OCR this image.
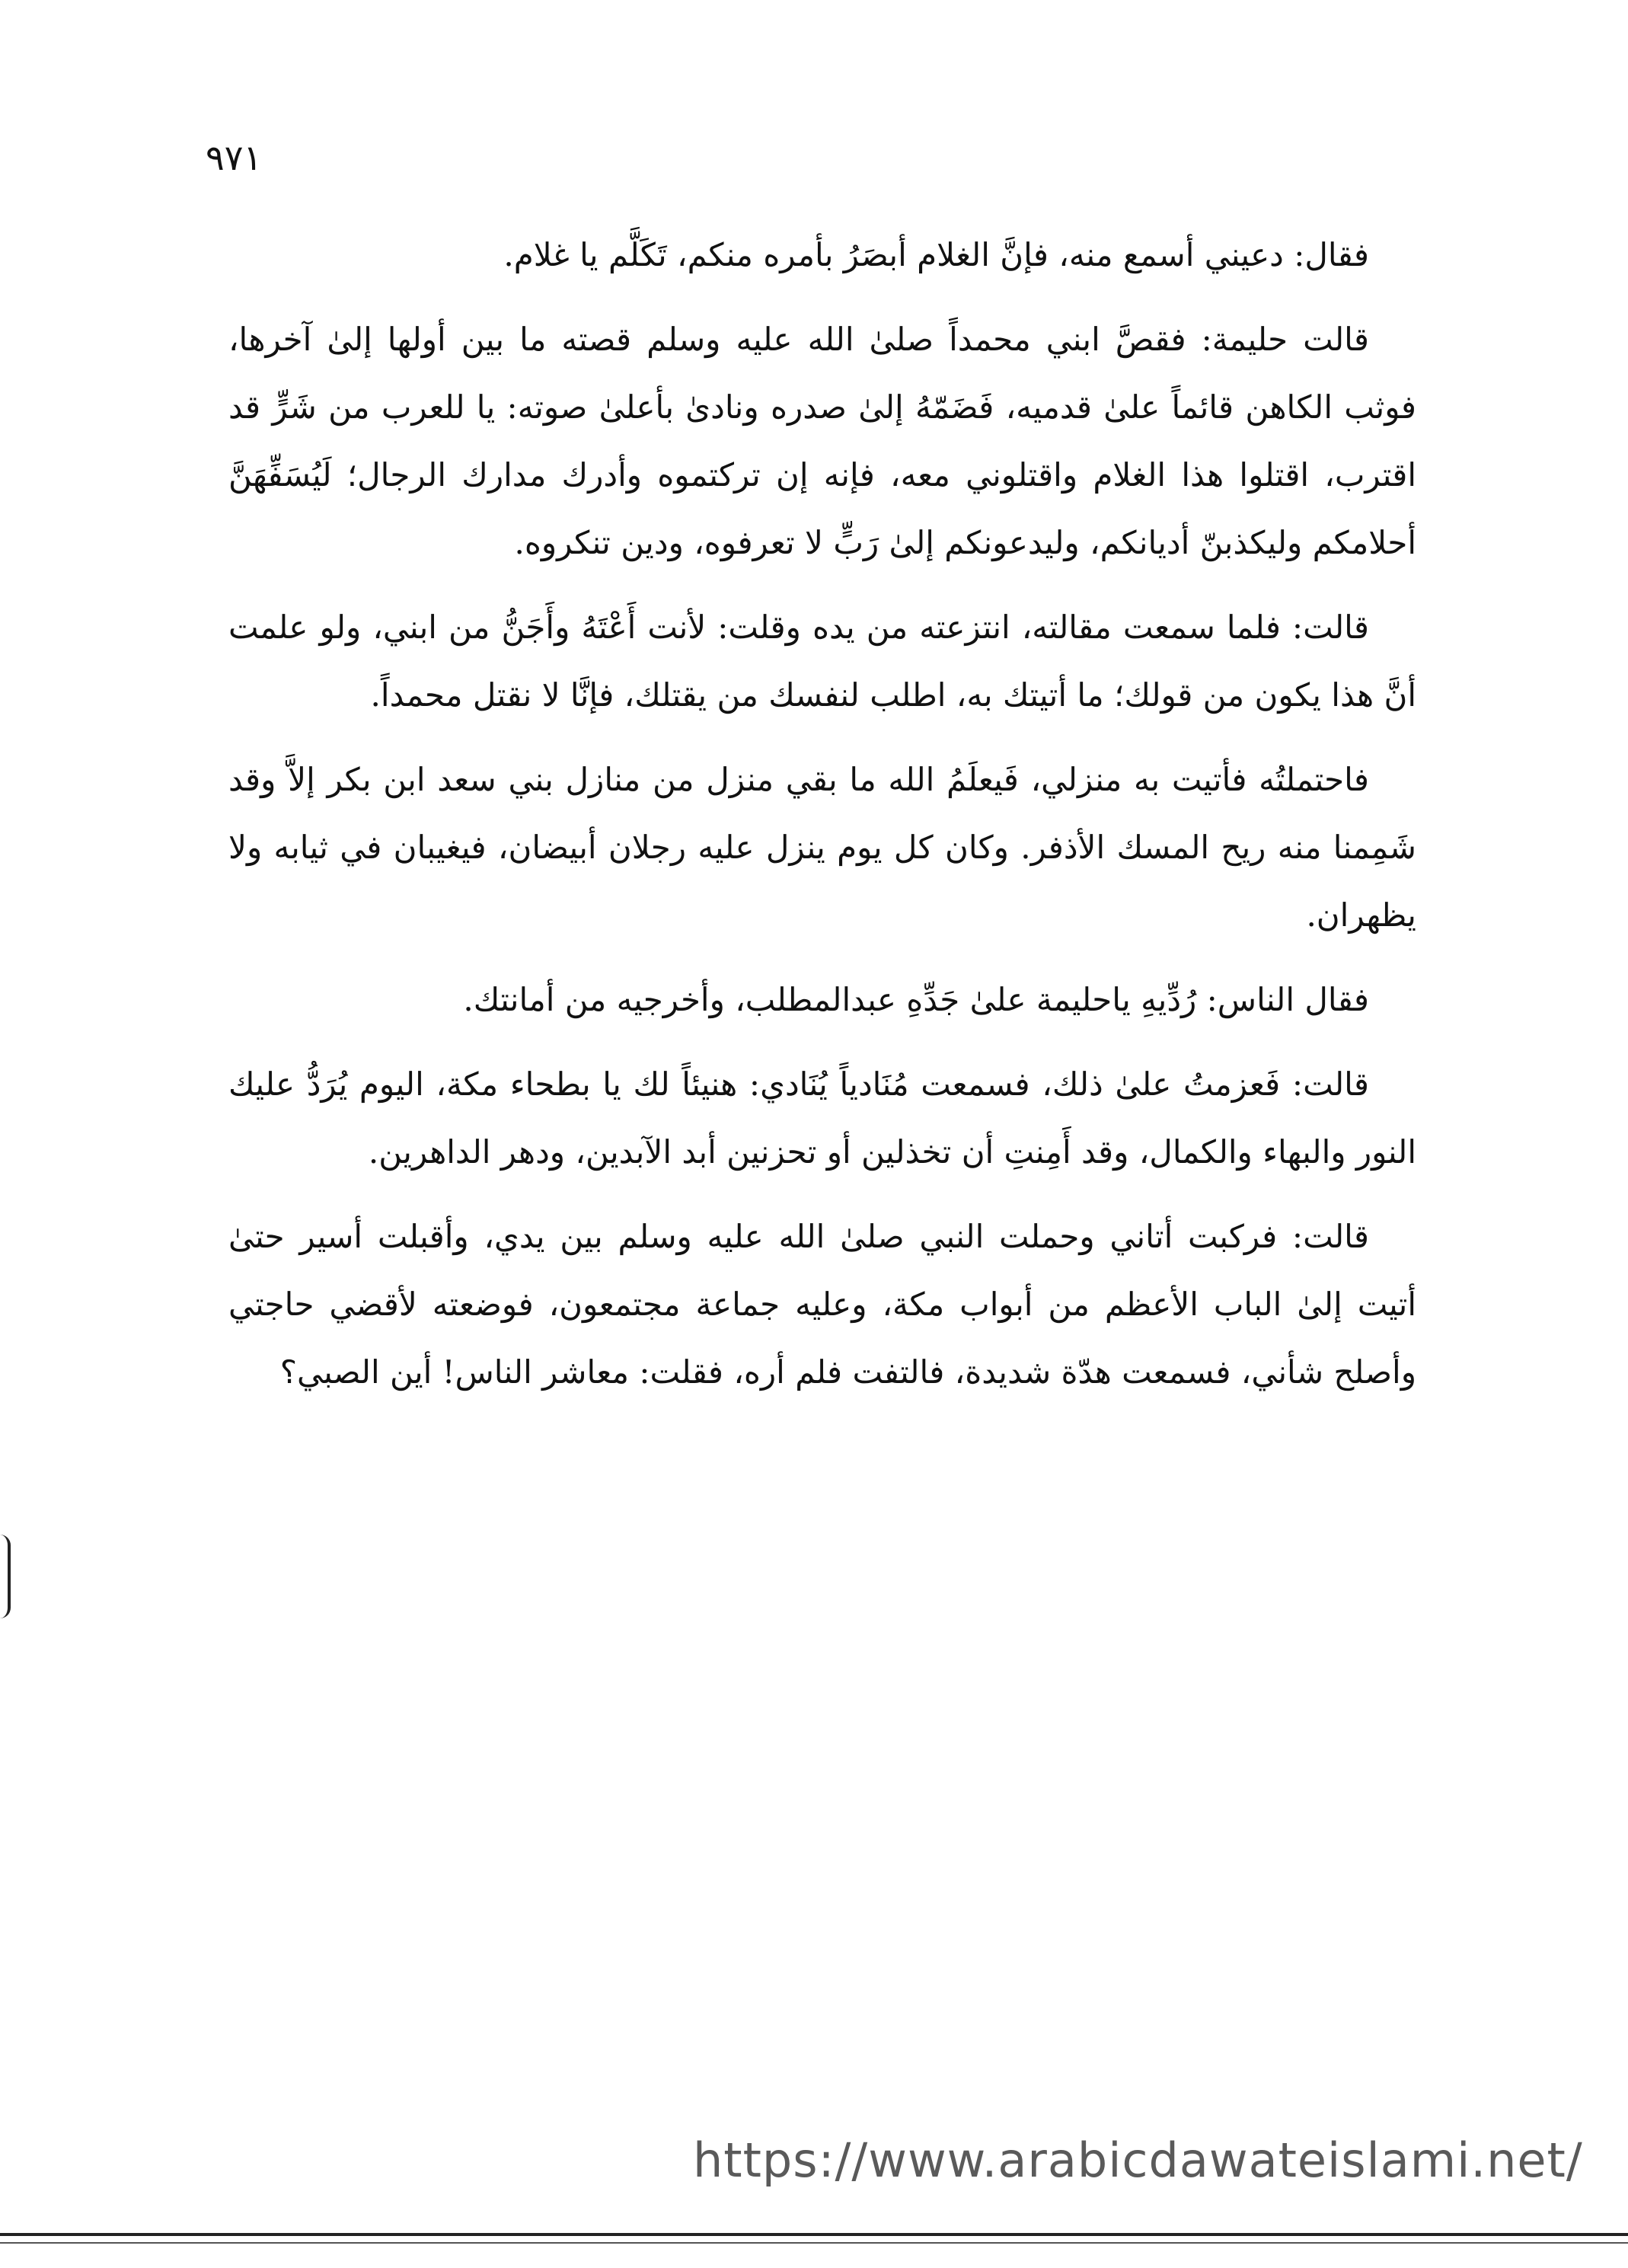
٩٧١

فقال: دعيني أسمع منه، فإنَّ الغلام أبصَرُ بأمره منكم، تَكَلَّم يا غلام.

قالت حليمة: فقصَّ ابني محمداً صلىٰ الله عليه وسلم قصته ما بين أولها إلىٰ آخرها، فوثب الكاهن قائماً علىٰ قدميه، فَضَمّهُ إلىٰ صدره ونادىٰ بأعلىٰ صوته: يا للعرب من شَرٍّ قد اقترب، اقتلوا هذا الغلام واقتلوني معه، فإنه إن تركتموه وأدرك مدارك الرجال؛ لَيُسَفِّهَنَّ أحلامكم وليكذبنّ أديانكم، وليدعونكم إلىٰ رَبٍّ لا تعرفوه، ودين تنكروه.

قالت: فلما سمعت مقالته، انتزعته من يده وقلت: لأنت أَعْتَهُ وأَجَنُّ من ابني، ولو علمت أنَّ هذا يكون من قولك؛ ما أتيتك به، اطلب لنفسك من يقتلك، فإنَّا لا نقتل محمداً.

فاحتملتُه فأتيت به منزلي، فَيعلَمُ الله ما بقي منزل من منازل بني سعد ابن بكر إلاَّ وقد شَمِمنا منه ريح المسك الأذفر. وكان كل يوم ينزل عليه رجلان أبيضان، فيغيبان في ثيابه ولا يظهران.

فقال الناس: رُدِّيهِ ياحليمة علىٰ جَدِّهِ عبدالمطلب، وأخرجيه من أمانتك.

قالت: فَعزمتُ علىٰ ذلك، فسمعت مُنَادياً يُنَادي: هنيئاً لك يا بطحاء مكة، اليوم يُرَدُّ عليك النور والبهاء والكمال، وقد أَمِنتِ أن تخذلين أو تحزنين أبد الآبدين، ودهر الداهرين.

قالت: فركبت أتاني وحملت النبي صلىٰ الله عليه وسلم بين يدي، وأقبلت أسير حتىٰ أتيت إلىٰ الباب الأعظم من أبواب مكة، وعليه جماعة مجتمعون، فوضعته لأقضي حاجتي وأصلح شأني، فسمعت هدّة شديدة، فالتفت فلم أره، فقلت: معاشر الناس! أين الصبي؟

https://www.arabicdawateislami.net/
